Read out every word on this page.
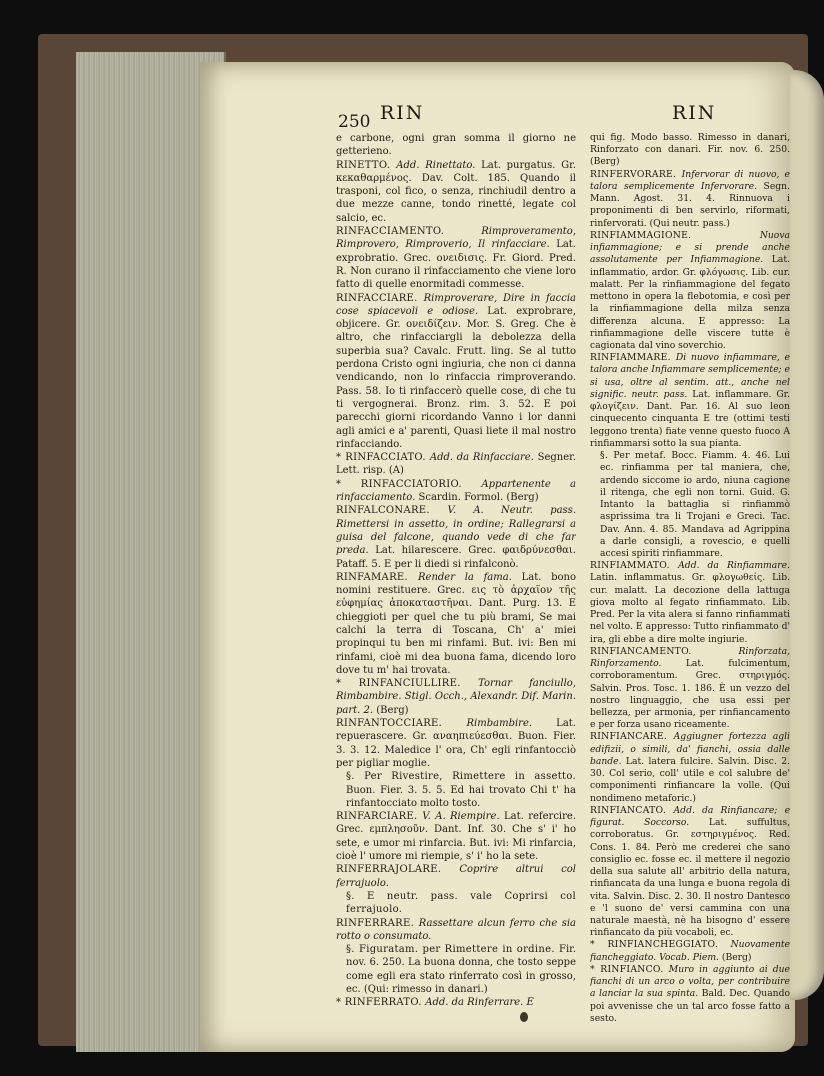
RIN	RIN
250

e carbone, ogni gran somma il giorno ne getterieno.

RINETTO. Add. Rinettato. Lat. purgatus. Gr. κεκαθαρμένος. Dav. Colt. 185. Quando il trasponi, col fico, o senza, rinchiudil dentro a due mezze canne, tondo rinetté, legate col salcio, ec.

RINFACCIAMENTO. Rimproveramento, Rimprovero, Rimproverio, Il rinfacciare. Lat. exprobratio. Grec. ονειδισις. Fr. Giord. Pred. R. Non curano il rinfacciamento che viene loro fatto di quelle enormitadi commesse.

RINFACCIARE. Rimproverare, Dire in faccia cose spiacevoli e odiose. Lat. exprobrare, objicere. Gr. ονειδίζειν. Mor. S. Greg. Che è altro, che rinfacciargli la debolezza della superbia sua? Cavalc. Frutt. ling. Se al tutto perdona Cristo ogni ingiuria, che non ci danna vendicando, non lo rinfaccia rimproverando. Pass. 58. Io ti rinfaccerò quelle cose, di che tu ti vergognerai. Bronz. rim. 3. 52. E poi parecchi giorni ricordando Vanno i lor danni agli amici e a' parenti, Quasi liete il mal nostro rinfacciando.

* RINFACCIATO. Add. da Rinfacciare. Segner. Lett. risp. (A)

* RINFACCIATORIO. Appartenente a rinfacciamento. Scardin. Formol. (Berg)

RINFALCONARE. V. A. Neutr. pass. Rimettersi in assetto, in ordine; Rallegrarsi a guisa del falcone, quando vede di che far preda. Lat. hilarescere. Grec. φαιδρύνεσθαι. Pataff. 5. E per li diedi si rinfalconò.

RINFAMARE. Render la fama. Lat. bono nomini restituere. Grec. εις τὸ ἀρχαῖον τῆς εὐφημίας ἀποκαταστῆναι. Dant. Purg. 13. E chieggioti per quel che tu più brami, Se mai calchi la terra di Toscana, Ch' a' miei propinqui tu ben mi rinfami. But. ivi: Ben mi rinfami, cioè mi dea buona fama, dicendo loro dove tu m' hai trovata.

* RINFANCIULLIRE. Tornar fanciullo, Rimbambire. Stigl. Occh., Alexandr. Dif. Marin. part. 2. (Berg)

RINFANTOCCIARE. Rimbambire. Lat. repuerascere. Gr. αναηπιεύεσθαι. Buon. Fier. 3. 3. 12. Maledice l' ora, Ch' egli rinfantocciò per pigliar moglie.

§. Per Rivestire, Rimettere in assetto. Buon. Fier. 3. 5. 5. Ed hai trovato Chi t' ha rinfantocciato molto tosto.

RINFARCIARE. V. A. Riempire. Lat. refercire. Grec. εμπλησοῦν. Dant. Inf. 30. Che s' i' ho sete, e umor mi rinfarcia. But. ivi: Mi rinfarcia, cioè l' umore mi riempie, s' i' ho la sete.

RINFERRAJOLARE. Coprire altrui col ferrajuolo.

§. E neutr. pass. vale Coprirsi col ferrajuolo.

RINFERRARE. Rassettare alcun ferro che sia rotto o consumato.

§. Figuratam. per Rimettere in ordine. Fir. nov. 6. 250. La buona donna, che tosto seppe come egli era stato rinferrato così in grosso, ec. (Qui: rimesso in danari.)

* RINFERRATO. Add. da Rinferrare. E

qui fig. Modo basso. Rimesso in danari, Rinforzato con danari. Fir. nov. 6. 250. (Berg)

RINFERVORARE. Infervorar di nuovo, e talora semplicemente Infervorare. Segn. Mann. Agost. 31. 4. Rinnuova i proponimenti di ben servirlo, riformati, rinfervorati. (Qui neutr. pass.)

RINFIAMMAGIONE. Nuova infiammagione; e si prende anche assolutamente per Infiammagione. Lat. inflammatio, ardor. Gr. φλόγωσις. Lib. cur. malatt. Per la rinfiammagione del fegato mettono in opera la flebotomia, e così per la rinfiammagione della milza senza differenza alcuna. E appresso: La rinfiammagione delle viscere tutte è cagionata dal vino soverchio.

RINFIAMMARE. Di nuovo infiammare, e talora anche Infiammare semplicemente; e si usa, oltre al sentim. att., anche nel signific. neutr. pass. Lat. inflammare. Gr. φλογίζειν. Dant. Par. 16. Al suo leon cinquecento cinquanta E tre (ottimi testi leggono trenta) fiate venne questo fuoco A rinfiammarsi sotto la sua pianta.

§. Per metaf. Bocc. Fiamm. 4. 46. Lui ec. rinfiamma per tal maniera, che, ardendo siccome io ardo, niuna cagione il ritenga, che egli non torni. Guid. G. Intanto la battaglia si rinfiammò asprissima tra li Trojani e Greci. Tac. Dav. Ann. 4. 85. Mandava ad Agrippina a darle consigli, a rovescio, e quelli accesi spiriti rinfiammare.

RINFIAMMATO. Add. da Rinfiammare. Latin. inflammatus. Gr. φλογωθείς. Lib. cur. malatt. La decozione della lattuga giova molto al fegato rinfiammato. Lib. Pred. Per la vita alera si fanno rinfiammati nel volto. E appresso: Tutto rinfiammato d' ira, gli ebbe a dire molte ingiurie.

RINFIANCAMENTO. Rinforzata, Rinforzamento. Lat. fulcimentum, corroboramentum. Grec. στηριγμός. Salvin. Pros. Tosc. 1. 186. È un vezzo del nostro linguaggio, che usa essi per bellezza, per armonia, per rinfiancamento e per forza usano riceamente.

RINFIANCARE. Aggiugner fortezza agli edifizii, o simili, da' fianchi, ossia dalle bande. Lat. latera fulcire. Salvin. Disc. 2. 30. Col serio, coll' utile e col salubre de' componimenti rinfiancare la volle. (Qui nondimeno metaforic.)

RINFIANCATO. Add. da Rinfiancare; e figurat. Soccorso. Lat. suffultus, corroboratus. Gr. εστηριγμένος. Red. Cons. 1. 84. Però me crederei che sano consiglio ec. fosse ec. il mettere il negozio della sua salute all' arbitrio della natura, rinfiancata da una lunga e buona regola di vita. Salvin. Disc. 2. 30. Il nostro Dantesco e 'l suono de' versi cammina con una naturale maestà, nè ha bisogno d' essere rinfiancato da più vocaboli, ec.

* RINFIANCHEGGIATO. Nuovamente fiancheggiato. Vocab. Piem. (Berg)

* RINFIANCO. Muro in aggiunto ai due fianchi di un arco o volta, per contribuire a lanciar la sua spinta. Bald. Dec. Quando poi avvenisse che un tal arco fosse fatto a sesto.
